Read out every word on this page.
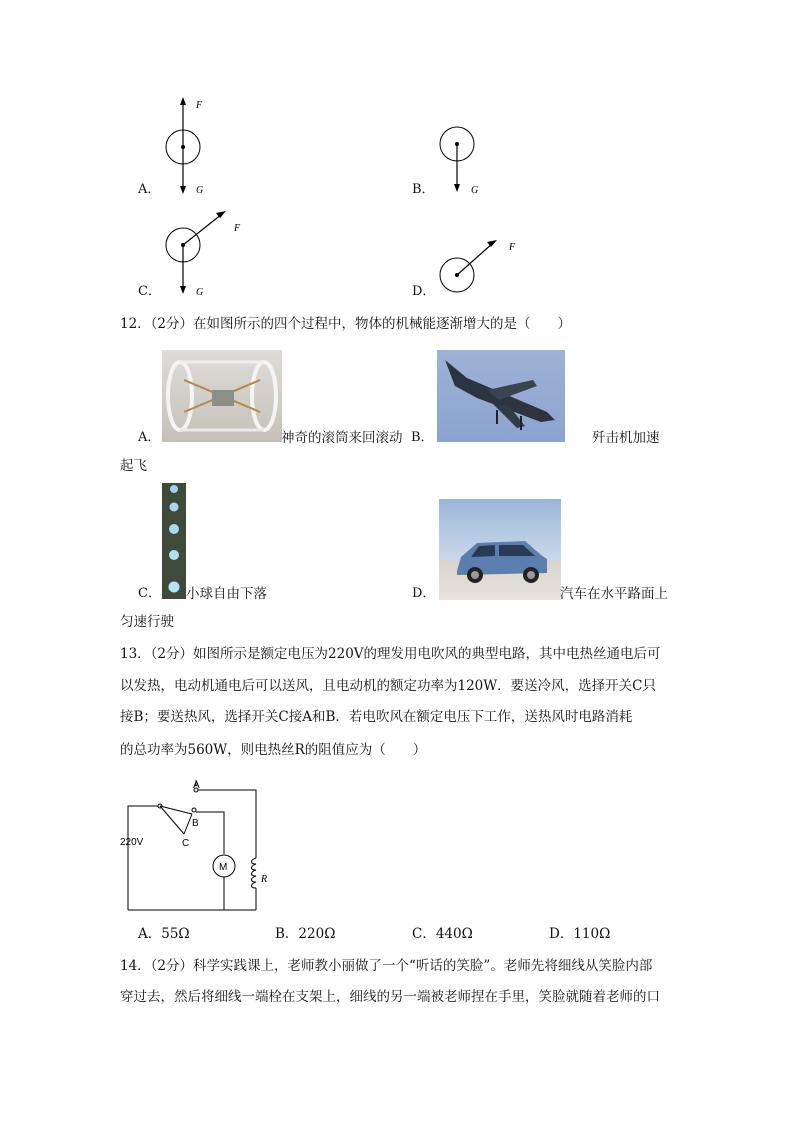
A．
F
G	B．	G
C．
F
G	D．
F
12．（2分）在如图所示的四个过程中，物体的机械能逐渐增大的是（　　）
A．	神奇的滚筒来回滚动 B．	歼击机加速
起飞
C． 小球自由下落	D．	汽车在水平路面上
匀速行驶
13．（2分）如图所示是额定电压为220V的理发用电吹风的典型电路，其中电热丝通电后可
以发热，电动机通电后可以送风，且电动机的额定功率为120W．要送冷风，选择开关C只
接B；要送热风，选择开关C接A和B．若电吹风在额定电压下工作，送热风时电路消耗
的总功率为560W，则电热丝R的阻值应为（　　）
A
B
C
220V
M
R
A．55Ω	B．220Ω	C．440Ω	D．110Ω
14．（2分）科学实践课上，老师教小丽做了一个“听话的笑脸”。老师先将细线从笑脸内部
穿过去，然后将细线一端栓在支架上，细线的另一端被老师捏在手里，笑脸就随着老师的口
